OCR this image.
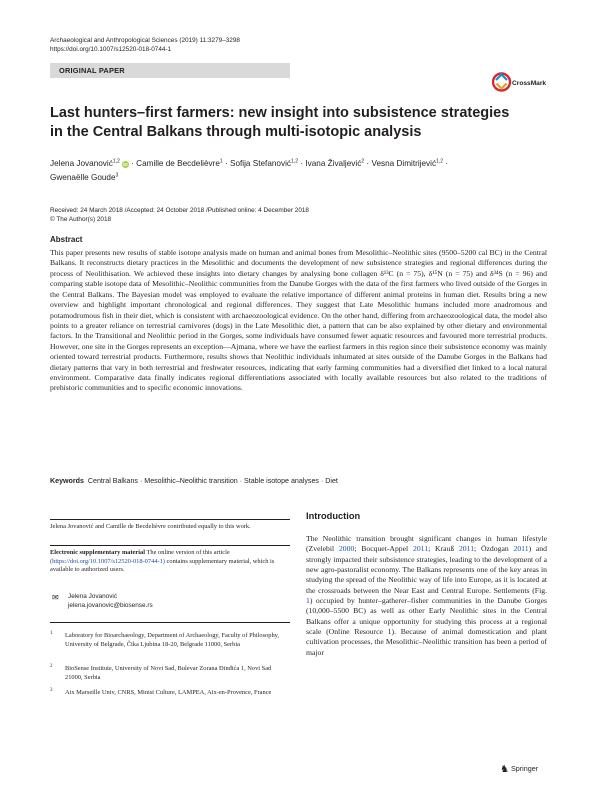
Archaeological and Anthropological Sciences (2019) 11:3279–3298
https://doi.org/10.1007/s12520-018-0744-1
ORIGINAL PAPER
CrossMark
Last hunters–first farmers: new insight into subsistence strategies
in the Central Balkans through multi-isotopic analysis
Jelena Jovanović$^{1,2}$iD · Camille de Becdelièvre$^1$ · Sofija Stefanović$^{1,2}$ · Ivana Živaljević$^2$ · Vesna Dimitrijević$^{1,2}$ ·
Gwenaëlle Goude$^3$
Received: 24 March 2018 /Accepted: 24 October 2018 /Published online: 4 December 2018
© The Author(s) 2018
Abstract
This paper presents new results of stable isotope analysis made on human and animal bones from Mesolithic–Neolithic sites (9500–5200 cal BC) in the Central Balkans. It reconstructs dietary practices in the Mesolithic and documents the development of new subsistence strategies and regional differences during the process of Neolithisation. We achieved these insights into dietary changes by analysing bone collagen δ¹³C (n = 75), δ¹⁵N (n = 75) and δ³⁴S (n = 96) and comparing stable isotope data of Mesolithic–Neolithic communities from the Danube Gorges with the data of the first farmers who lived outside of the Gorges in the Central Balkans. The Bayesian model was employed to evaluate the relative importance of different animal proteins in human diet. Results bring a new overview and highlight important chronological and regional differences. They suggest that Late Mesolithic humans included more anadromous and potamodromous fish in their diet, which is consistent with archaeozoological evidence. On the other hand, differing from archaeozoological data, the model also points to a greater reliance on terrestrial carnivores (dogs) in the Late Mesolithic diet, a pattern that can be also explained by other dietary and environmental factors. In the Transitional and Neolithic period in the Gorges, some individuals have consumed fewer aquatic resources and favoured more terrestrial products. However, one site in the Gorges represents an exception—Ajmana, where we have the earliest farmers in this region since their subsistence economy was mainly oriented toward terrestrial products. Furthermore, results shows that Neolithic individuals inhumated at sites outside of the Danube Gorges in the Balkans had dietary patterns that vary in both terrestrial and freshwater resources, indicating that early farming communities had a diversified diet linked to a local natural environment. Comparative data finally indicates regional differentiations associated with locally available resources but also related to the traditions of prehistoric communities and to specific economic innovations.
Keywords Central Balkans · Mesolithic–Neolithic transition · Stable isotope analyses · Diet
Jelena Jovanović and Camille de Becdelièvre contributed equally to this work.
Electronic supplementary material The online version of this article (https://doi.org/10.1007/s12520-018-0744-1) contains supplementary material, which is available to authorized users.
✉ Jelena Jovanović
jelena.jovanovic@biosense.rs
1 Laboratory for Bioarchaeology, Department of Archaeology, Faculty of Philosophy, University of Belgrade, Čika Ljubina 18-20, Belgrade 11000, Serbia
2 BioSense Institute, University of Novi Sad, Bulevar Zorana Đinđića 1, Novi Sad 21000, Serbia
3 Aix Marseille Univ, CNRS, Minist Culture, LAMPEA, Aix-en-Provence, France
Introduction
The Neolithic transition brought significant changes in human lifestyle (Zvelebil 2000; Bocquet-Appel 2011; Krauß 2011; Özdogan 2011) and strongly impacted their subsistence strategies, leading to the development of a new agro-pastoralist economy. The Balkans represents one of the key areas in studying the spread of the Neolithic way of life into Europe, as it is located at the crossroads between the Near East and Central Europe. Settlements (Fig. 1) occupied by hunter–gatherer–fisher communities in the Danube Gorges (10,000–5500 BC) as well as other Early Neolithic sites in the Central Balkans offer a unique opportunity for studying this process at a regional scale (Online Resource 1). Because of animal domestication and plant cultivation processes, the Mesolithic–Neolithic transition has been a period of major
♞ Springer
